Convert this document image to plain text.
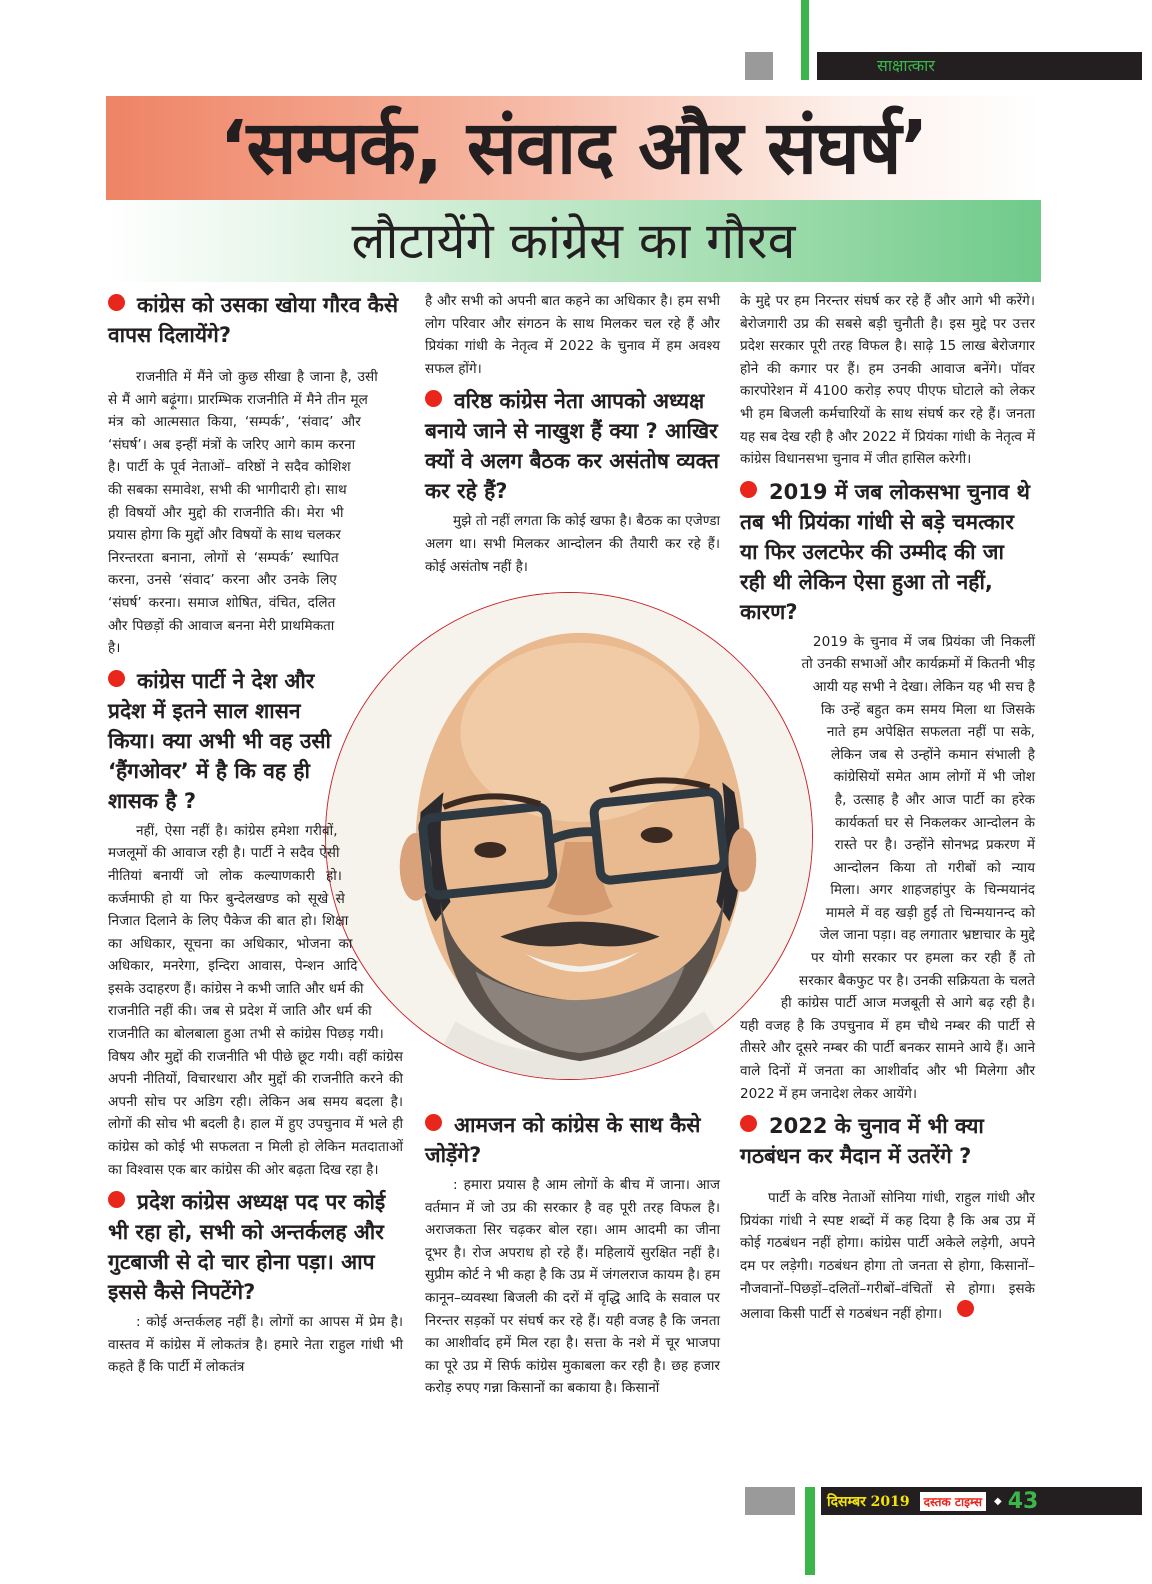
साक्षात्कार
‘सम्पर्क, संवाद और संघर्ष’
लौटायेंगे कांग्रेस का गौरव

कांग्रेस को उसका खोया गौरव कैसे वापस दिलायेंगे?

राजनीति में मैंने जो कुछ सीखा है जाना है, उसी से मैं आगे बढ़ूंगा। प्रारम्भिक राजनीति में मैने तीन मूल मंत्र को आत्मसात किया, ‘सम्पर्क’, ‘संवाद’ और ‘संघर्ष’। अब इन्हीं मंत्रों के जरिए आगे काम करना है। पार्टी के पूर्व नेताओं– वरिष्ठों ने सदैव कोशिश की सबका समावेश, सभी की भागीदारी हो। साथ ही विषयों और मुद्दो की राजनीति की। मेरा भी प्रयास होगा कि मुद्दों और विषयों के साथ चलकर निरन्तरता बनाना, लोगों से ‘सम्पर्क’ स्थापित करना, उनसे ‘संवाद’ करना और उनके लिए ‘संघर्ष’ करना। समाज शोषित, वंचित, दलित और पिछड़ों की आवाज बनना मेरी प्राथमिकता है।

कांग्रेस पार्टी ने देश और प्रदेश में इतने साल शासन किया। क्या अभी भी वह उसी ‘हैंगओवर’ में है कि वह ही शासक है ?

नहीं, ऐसा नहीं है। कांग्रेस हमेशा गरीबों, मजलूमों की आवाज रही है। पार्टी ने सदैव ऐसी नीतियां बनायीं जो लोक कल्याणकारी हो। कर्जमाफी हो या फिर बुन्देलखण्ड को सूखे से निजात दिलाने के लिए पैकेज की बात हो। शिक्षा का अधिकार, सूचना का अधिकार, भोजना का अधिकार, मनरेगा, इन्दिरा आवास, पेन्शन आदि इसके उदाहरण हैं। कांग्रेस ने कभी जाति और धर्म की राजनीति नहीं की। जब से प्रदेश में जाति और धर्म की राजनीति का बोलबाला हुआ तभी से कांग्रेस पिछड़ गयी। विषय और मुद्दों की राजनीति भी पीछे छूट गयी। वहीं कांग्रेस अपनी नीतियों, विचारधारा और मुद्दों की राजनीति करने की अपनी सोच पर अडिग रही। लेकिन अब समय बदला है। लोगों की सोच भी बदली है। हाल में हुए उपचुनाव में भले ही कांग्रेस को कोई भी सफलता न मिली हो लेकिन मतदाताओं का विश्वास एक बार कांग्रेस की ओर बढ़ता दिख रहा है।

प्रदेश कांग्रेस अध्यक्ष पद पर कोई भी रहा हो, सभी को अन्तर्कलह और गुटबाजी से दो चार होना पड़ा। आप इससे कैसे निपटेंगे?

: कोई अन्तर्कलह नहीं है। लोगों का आपस में प्रेम है। वास्तव में कांग्रेस में लोकतंत्र है। हमारे नेता राहुल गांधी भी कहते हैं कि पार्टी में लोकतंत्र

है और सभी को अपनी बात कहने का अधिकार है। हम सभी लोग परिवार और संगठन के साथ मिलकर चल रहे हैं और प्रियंका गांधी के नेतृत्व में 2022 के चुनाव में हम अवश्य सफल होंगे।

वरिष्ठ कांग्रेस नेता आपको अध्यक्ष बनाये जाने से नाखुश हैं क्या ? आखिर क्यों वे अलग बैठक कर असंतोष व्यक्त कर रहे हैं?

मुझे तो नहीं लगता कि कोई खफा है। बैठक का एजेण्डा अलग था। सभी मिलकर आन्दोलन की तैयारी कर रहे हैं। कोई असंतोष नहीं है।

आमजन को कांग्रेस के साथ कैसे जोड़ेंगे?

: हमारा प्रयास है आम लोगों के बीच में जाना। आज वर्तमान में जो उप्र की सरकार है वह पूरी तरह विफल है। अराजकता सिर चढ़कर बोल रहा। आम आदमी का जीना दूभर है। रोज अपराध हो रहे हैं। महिलायें सुरक्षित नहीं है। सुप्रीम कोर्ट ने भी कहा है कि उप्र में जंगलराज कायम है। हम कानून–व्यवस्था बिजली की दरों में वृद्धि आदि के सवाल पर निरन्तर सड़कों पर संघर्ष कर रहे हैं। यही वजह है कि जनता का आशीर्वाद हमें मिल रहा है। सत्ता के नशे में चूर भाजपा का पूरे उप्र में सिर्फ कांग्रेस मुकाबला कर रही है। छह हजार करोड़ रुपए गन्ना किसानों का बकाया है। किसानों

के मुद्दे पर हम निरन्तर संघर्ष कर रहे हैं और आगे भी करेंगे। बेरोजगारी उप्र की सबसे बड़ी चुनौती है। इस मुद्दे पर उत्तर प्रदेश सरकार पूरी तरह विफल है। साढ़े 15 लाख बेरोजगार होने की कगार पर हैं। हम उनकी आवाज बनेंगे। पॉवर कारपोरेशन में 4100 करोड़ रुपए पीएफ घोटाले को लेकर भी हम बिजली कर्मचारियों के साथ संघर्ष कर रहे हैं। जनता यह सब देख रही है और 2022 में प्रियंका गांधी के नेतृत्व में कांग्रेस विधानसभा चुनाव में जीत हासिल करेगी।

2019 में जब लोकसभा चुनाव थे तब भी प्रियंका गांधी से बड़े चमत्कार या फिर उलटफेर की उम्मीद की जा रही थी लेकिन ऐसा हुआ तो नहीं, कारण?

2019 के चुनाव में जब प्रियंका जी निकलीं तो उनकी सभाओं और कार्यक्रमों में कितनी भीड़ आयी यह सभी ने देखा। लेकिन यह भी सच है कि उन्हें बहुत कम समय मिला था जिसके नाते हम अपेक्षित सफलता नहीं पा सके, लेकिन जब से उन्होंने कमान संभाली है कांग्रेसियों समेत आम लोगों में भी जोश है, उत्साह है और आज पार्टी का हरेक कार्यकर्ता घर से निकलकर आन्दोलन के रास्ते पर है। उन्होंने सोनभद्र प्रकरण में आन्दोलन किया तो गरीबों को न्याय मिला। अगर शाहजहांपुर के चिन्मयानंद मामले में वह खड़ी हुईं तो चिन्मयानन्द को जेल जाना पड़ा। वह लगातार भ्रष्टाचार के मुद्दे पर योगी सरकार पर हमला कर रही हैं तो सरकार बैकफुट पर है। उनकी सक्रियता के चलते ही कांग्रेस पार्टी आज मजबूती से आगे बढ़ रही है। यही वजह है कि उपचुनाव में हम चौथे नम्बर की पार्टी से तीसरे और दूसरे नम्बर की पार्टी बनकर सामने आये हैं। आने वाले दिनों में जनता का आशीर्वाद और भी मिलेगा और 2022 में हम जनादेश लेकर आयेंगे।

2022 के चुनाव में भी क्या गठबंधन कर मैदान में उतरेंगे ?

पार्टी के वरिष्ठ नेताओं सोनिया गांधी, राहुल गांधी और प्रियंका गांधी ने स्पष्ट शब्दों में कह दिया है कि अब उप्र में कोई गठबंधन नहीं होगा। कांग्रेस पार्टी अकेले लड़ेगी, अपने दम पर लड़ेगी। गठबंधन होगा तो जनता से होगा, किसानों–नौजवानों–पिछड़ों–दलितों–गरीबों–वंचितों से होगा। इसके अलावा किसी पार्टी से गठबंधन नहीं होगा।

दिसम्बर 2019	दस्तक टाइम्स	◆ 43
